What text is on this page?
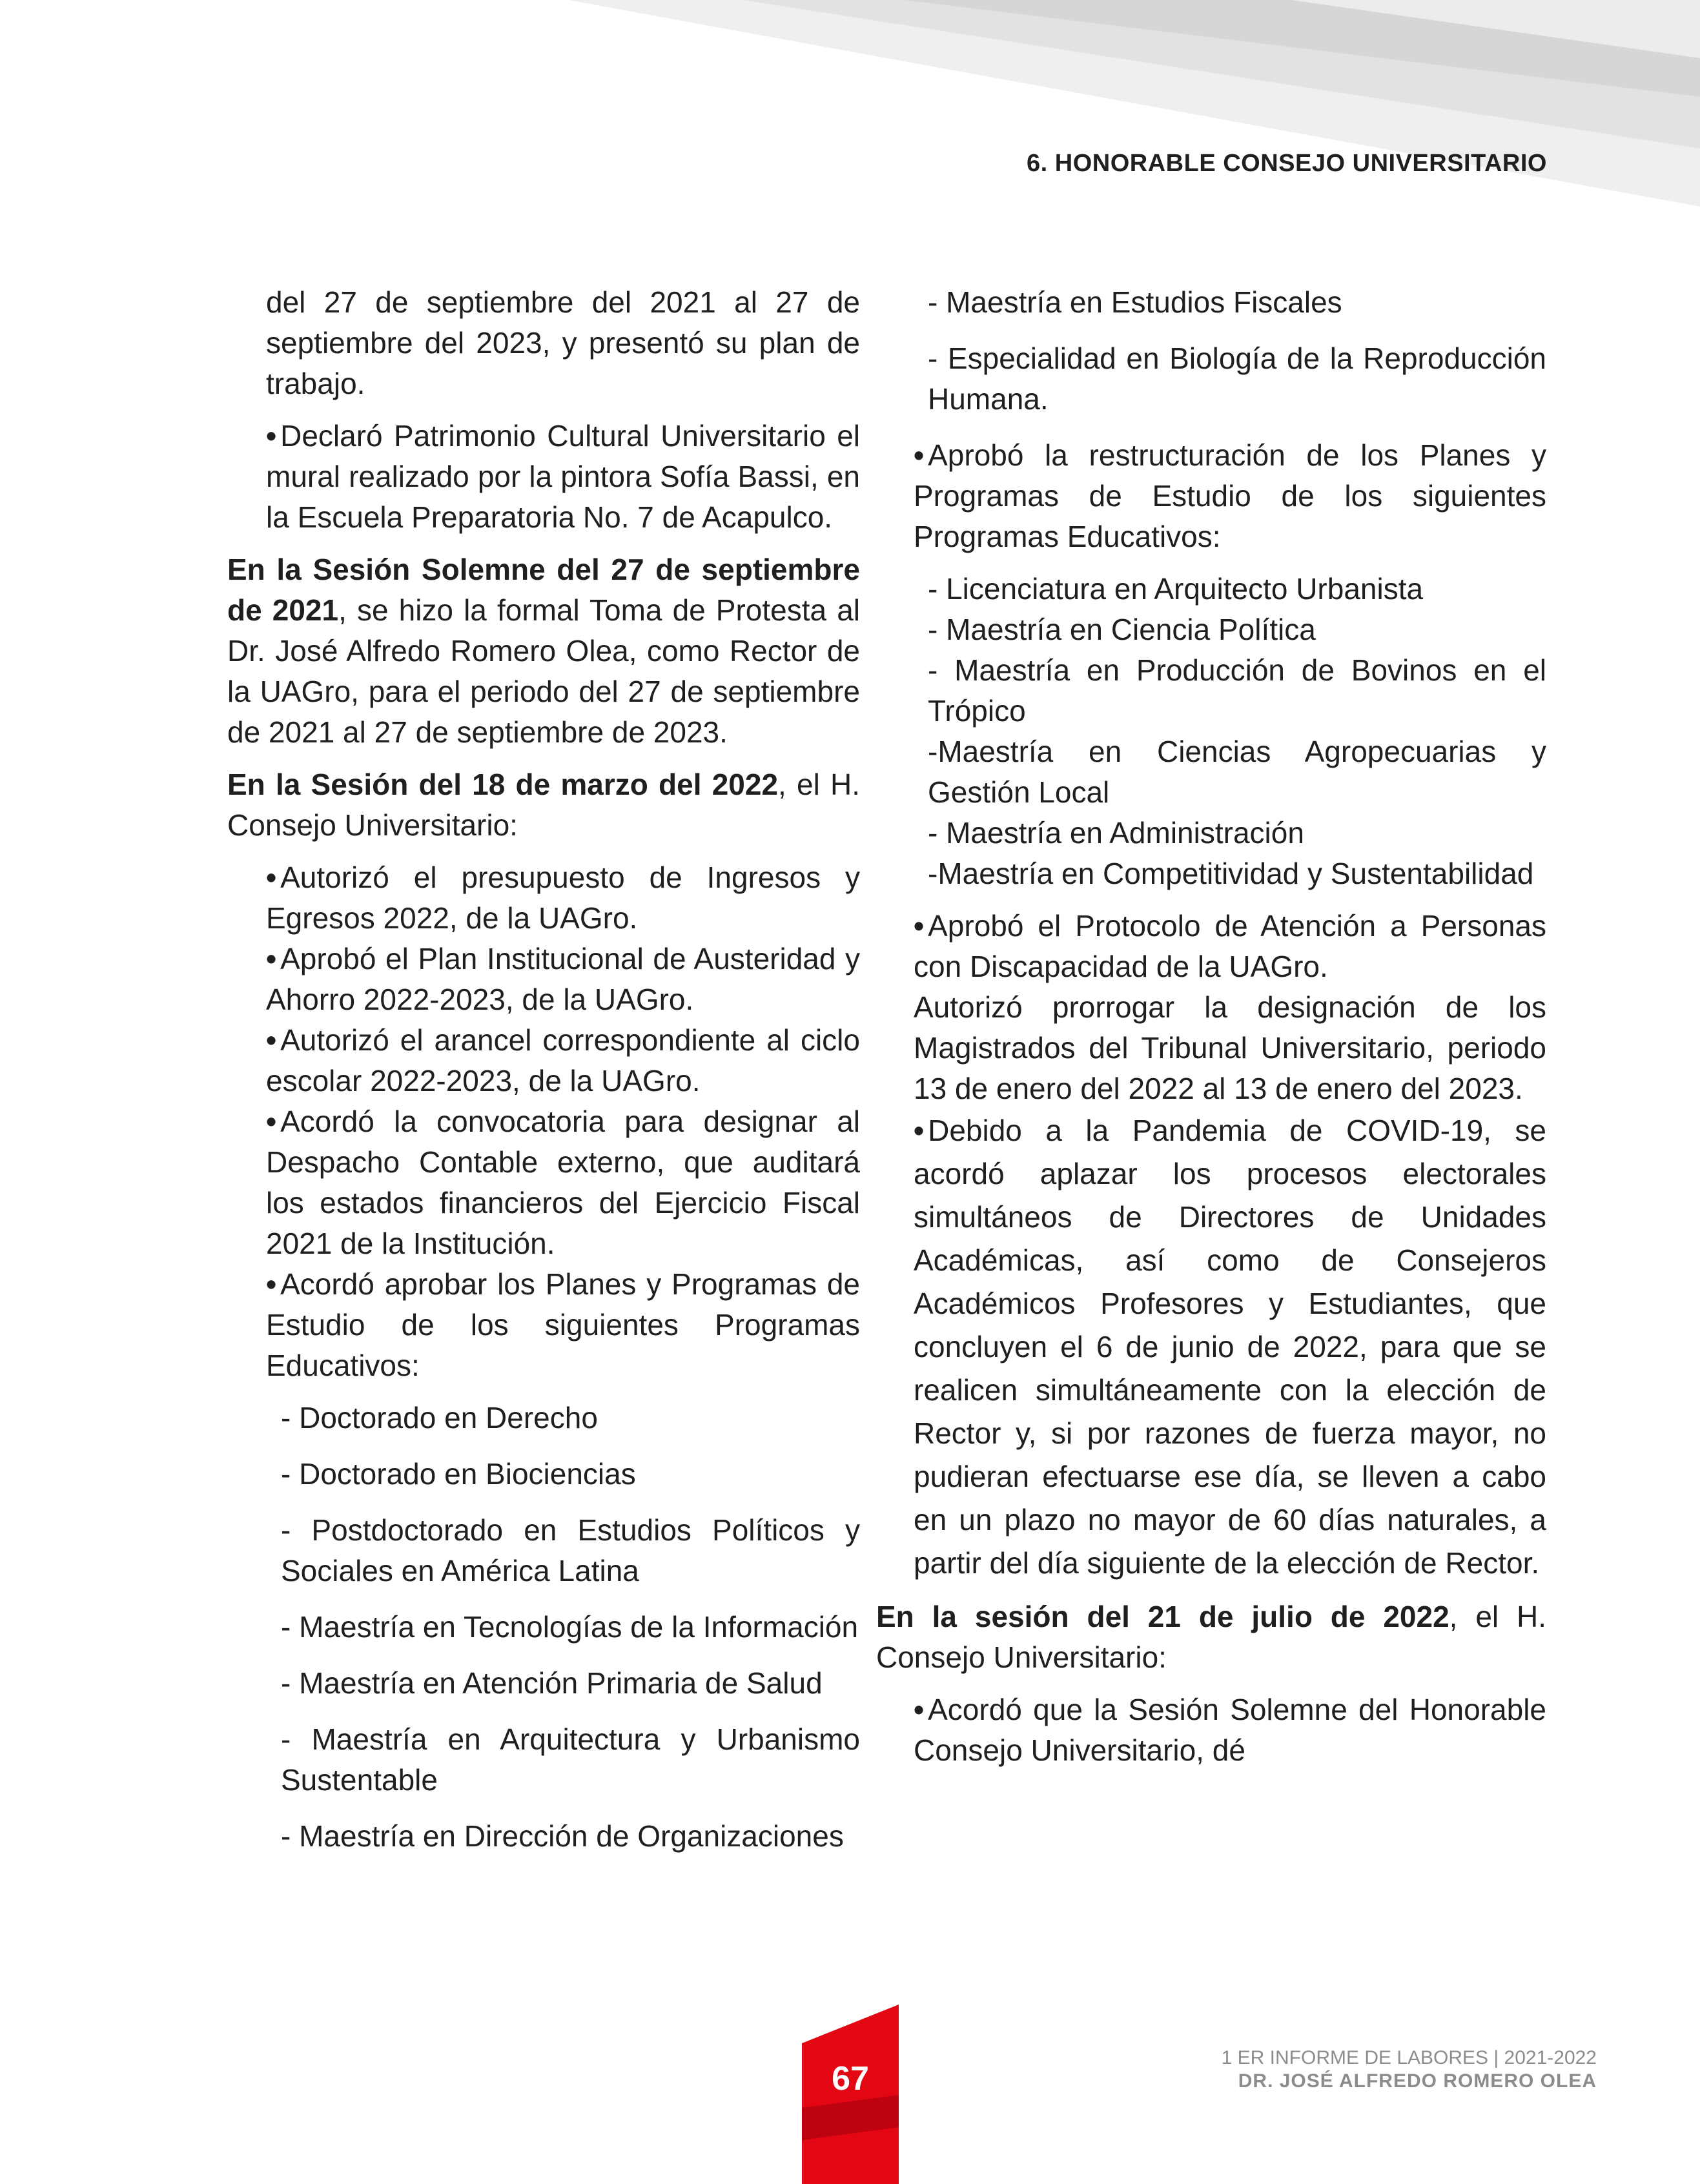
6. HONORABLE CONSEJO UNIVERSITARIO

del 27 de septiembre del 2021 al 27 de septiembre del 2023, y presentó su plan de trabajo.

• Declaró Patrimonio Cultural Universitario el mural realizado por la pintora Sofía Bassi, en la Escuela Preparatoria No. 7 de Acapulco.

En la Sesión Solemne del 27 de septiembre de 2021, se hizo la formal Toma de Protesta al Dr. José Alfredo Romero Olea, como Rector de la UAGro, para el periodo del 27 de septiembre de 2021 al 27 de septiembre de 2023.

En la Sesión del 18 de marzo del 2022, el H. Consejo Universitario:

• Autorizó el presupuesto de Ingresos y Egresos 2022, de la UAGro.

• Aprobó el Plan Institucional de Austeridad y Ahorro 2022-2023, de la UAGro.

• Autorizó el arancel correspondiente al ciclo escolar 2022-2023, de la UAGro.

• Acordó la convocatoria para designar al Despacho Contable externo, que auditará los estados financieros del Ejercicio Fiscal 2021 de la Institución.

• Acordó aprobar los Planes y Programas de Estudio de los siguientes Programas Educativos:

- Doctorado en Derecho

- Doctorado en Biociencias

- Postdoctorado en Estudios Políticos y Sociales en América Latina

- Maestría en Tecnologías de la Información

- Maestría en Atención Primaria de Salud

- Maestría en Arquitectura y Urbanismo Sustentable

- Maestría en Dirección de Organizaciones

- Maestría en Estudios Fiscales

- Especialidad en Biología de la Reproducción Humana.

• Aprobó la restructuración de los Planes y Programas de Estudio de los siguientes Programas Educativos:

- Licenciatura en Arquitecto Urbanista

- Maestría en Ciencia Política

- Maestría en Producción de Bovinos en el Trópico

-Maestría en Ciencias Agropecuarias y Gestión Local

- Maestría en Administración

-Maestría en Competitividad y Sustentabilidad

• Aprobó el Protocolo de Atención a Personas con Discapacidad de la UAGro.

Autorizó prorrogar la designación de los Magistrados del Tribunal Universitario, periodo 13 de enero del 2022 al 13 de enero del 2023.

• Debido a la Pandemia de COVID-19, se acordó aplazar los procesos electorales simultáneos de Directores de Unidades Académicas, así como de Consejeros Académicos Profesores y Estudiantes, que concluyen el 6 de junio de 2022, para que se realicen simultáneamente con la elección de Rector y, si por razones de fuerza mayor, no pudieran efectuarse ese día, se lleven a cabo en un plazo no mayor de 60 días naturales, a partir del día siguiente de la elección de Rector.

En la sesión del 21 de julio de 2022, el H. Consejo Universitario:

• Acordó que la Sesión Solemne del Honorable Consejo Universitario, dé

67
1 ER INFORME DE LABORES | 2021-2022
DR. JOSÉ ALFREDO ROMERO OLEA
